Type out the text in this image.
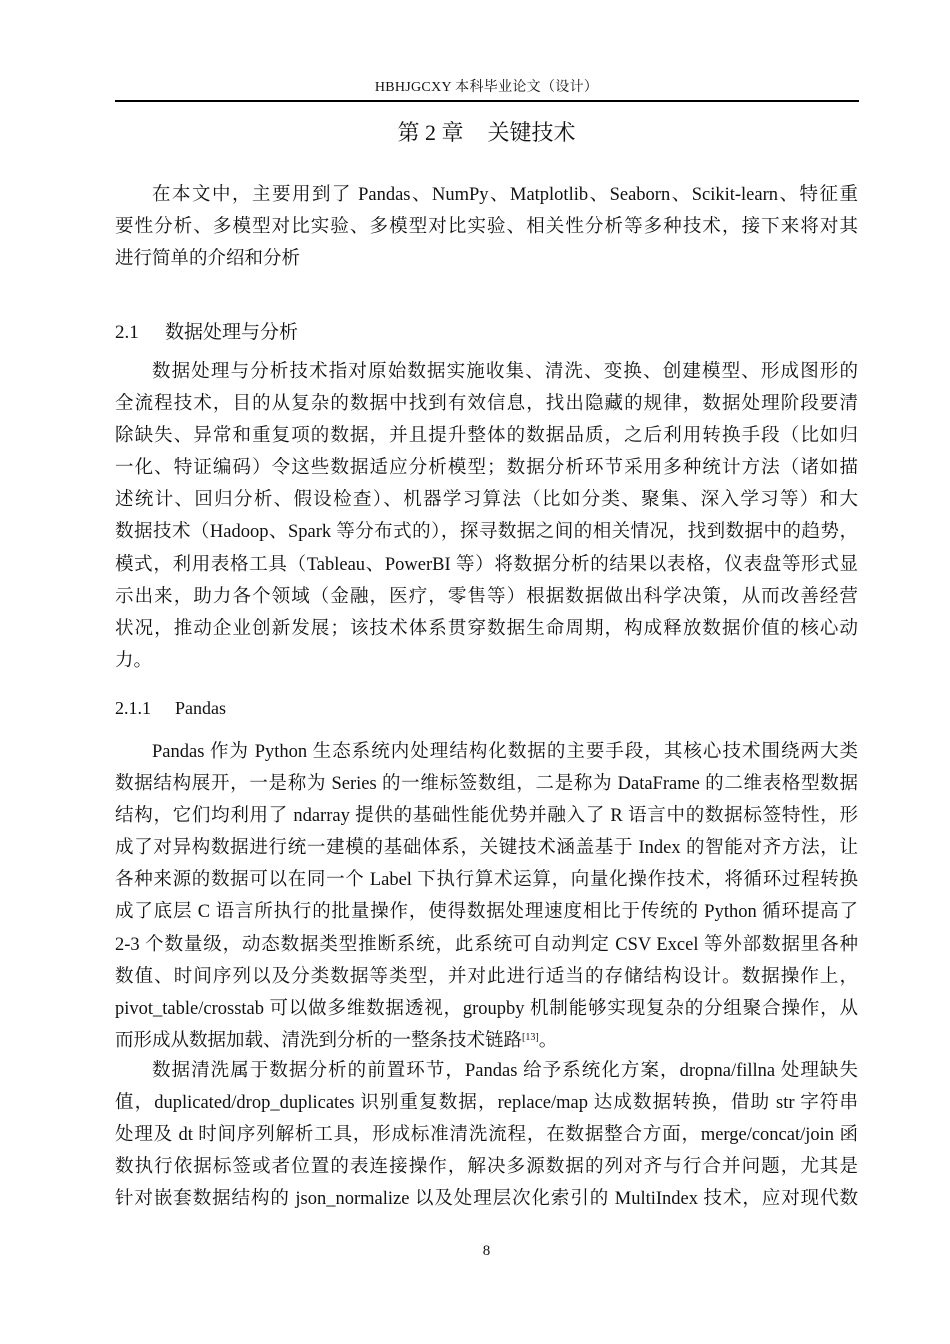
HBHJGCXY 本科毕业论文（设计）
第 2 章 关键技术
在本文中，主要用到了 Pandas、NumPy、Matplotlib、Seaborn、Scikit-learn、特征重
要性分析、多模型对比实验、多模型对比实验、相关性分析等多种技术，接下来将对其
进行简单的介绍和分析
2.1 数据处理与分析
数据处理与分析技术指对原始数据实施收集、清洗、变换、创建模型、形成图形的
全流程技术，目的从复杂的数据中找到有效信息，找出隐藏的规律，数据处理阶段要清
除缺失、异常和重复项的数据，并且提升整体的数据品质，之后利用转换手段（比如归
一化、特证编码）令这些数据适应分析模型；数据分析环节采用多种统计方法（诸如描
述统计、回归分析、假设检查）、机器学习算法（比如分类、聚集、深入学习等）和大
数据技术（Hadoop、Spark 等分布式的），探寻数据之间的相关情况，找到数据中的趋势，
模式，利用表格工具（Tableau、PowerBI 等）将数据分析的结果以表格，仪表盘等形式显
示出来，助力各个领域（金融，医疗，零售等）根据数据做出科学决策，从而改善经营
状况，推动企业创新发展；该技术体系贯穿数据生命周期，构成释放数据价值的核心动
力。
2.1.1 Pandas
Pandas 作为 Python 生态系统内处理结构化数据的主要手段，其核心技术围绕两大类
数据结构展开，一是称为 Series 的一维标签数组，二是称为 DataFrame 的二维表格型数据
结构，它们均利用了 ndarray 提供的基础性能优势并融入了 R 语言中的数据标签特性，形
成了对异构数据进行统一建模的基础体系，关键技术涵盖基于 Index 的智能对齐方法，让
各种来源的数据可以在同一个 Label 下执行算术运算，向量化操作技术，将循环过程转换
成了底层 C 语言所执行的批量操作，使得数据处理速度相比于传统的 Python 循环提高了
2-3 个数量级，动态数据类型推断系统，此系统可自动判定 CSV Excel 等外部数据里各种
数值、时间序列以及分类数据等类型，并对此进行适当的存储结构设计。数据操作上，
pivot_table/crosstab 可以做多维数据透视，groupby 机制能够实现复杂的分组聚合操作，从
而形成从数据加载、清洗到分析的一整条技术链路[13]。
数据清洗属于数据分析的前置环节，Pandas 给予系统化方案，dropna/fillna 处理缺失
值，duplicated/drop_duplicates 识别重复数据，replace/map 达成数据转换，借助 str 字符串
处理及 dt 时间序列解析工具，形成标准清洗流程，在数据整合方面，merge/concat/join 函
数执行依据标签或者位置的表连接操作，解决多源数据的列对齐与行合并问题，尤其是
针对嵌套数据结构的 json_normalize 以及处理层次化索引的 MultiIndex 技术，应对现代数
8
